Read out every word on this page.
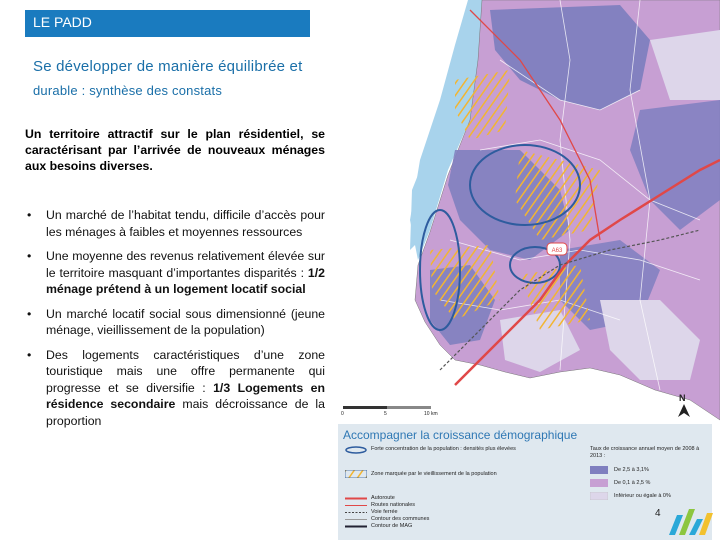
LE PADD
Se développer de manière équilibrée et
durable : synthèse des constats
Un territoire attractif sur le plan résidentiel, se caractérisant par l’arrivée de nouveaux ménages aux besoins diverses.
• Un marché de l’habitat tendu, difficile d’accès pour les ménages à faibles et moyennes ressources
• Une moyenne des revenus relativement élevée sur le territoire masquant d’importantes disparités : 1/2 ménage prétend à un logement locatif social
• Un marché locatif social sous dimensionné (jeune ménage, vieillissement de la population)
• Des logements caractéristiques d’une zone touristique mais une offre permanente qui progresse et se diversifie : 1/3 Logements en résidence secondaire mais décroissance de la proportion
A63
0	5	10 km
N
Accompagner la croissance démographique
Forte concentration de la population : densités plus élevées
Zone marquée par le vieillissement de la population
Autoroute
Routes nationales
Voie ferrée
Contour des communes
Contour de MAG
Taux de croissance annuel moyen de 2008 à 2013 :
De 2,5 à 3,1%
De 0,1 à 2,5 %
Inférieur ou égale à 0%
4
